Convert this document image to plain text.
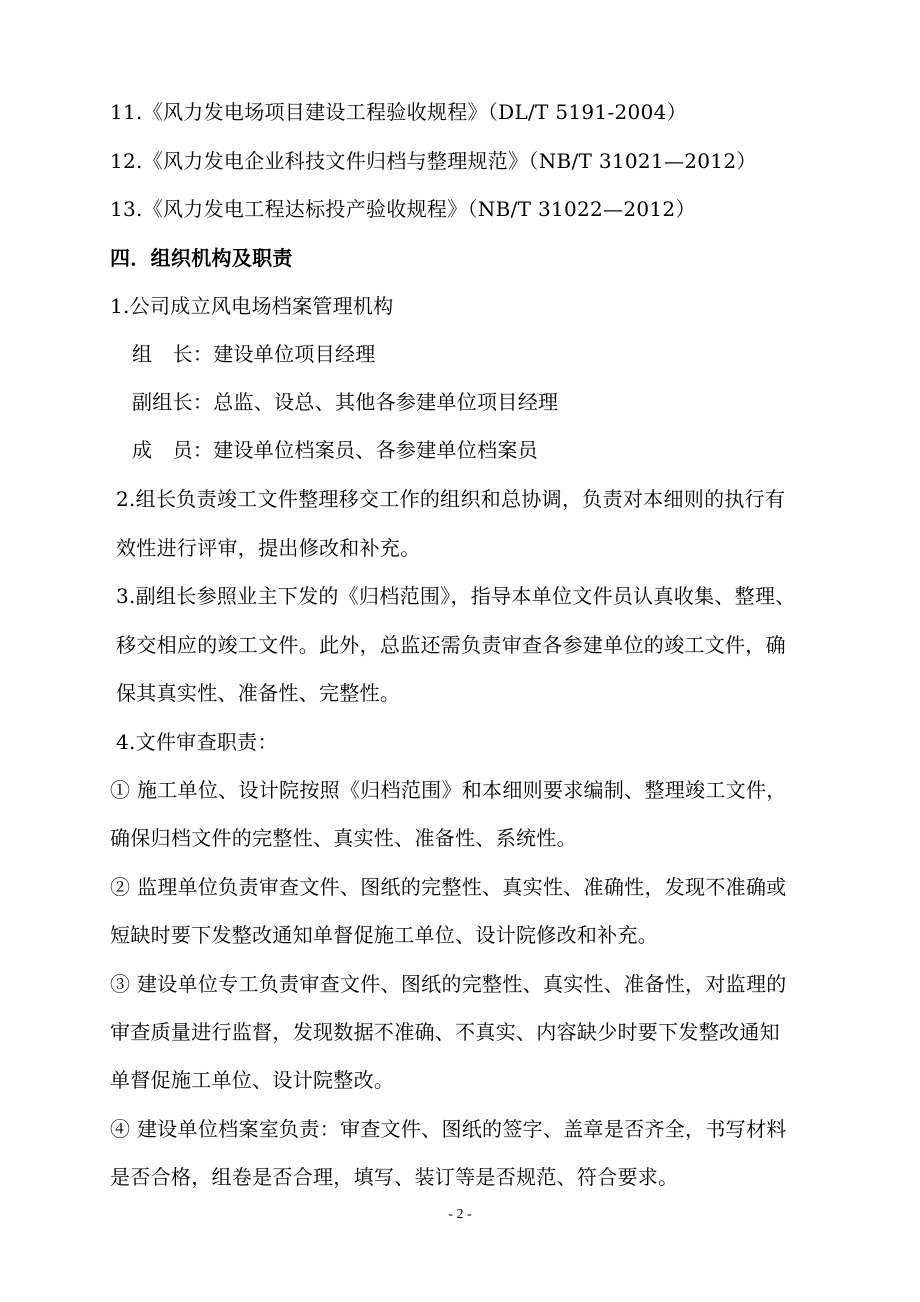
11.《风力发电场项目建设工程验收规程》（DL/T 5191-2004）
12.《风力发电企业科技文件归档与整理规范》（NB/T 31021—2012）
13.《风力发电工程达标投产验收规程》（NB/T 31022—2012）
四．组织机构及职责
1.公司成立风电场档案管理机构
组　长：建设单位项目经理
副组长：总监、设总、其他各参建单位项目经理
成　员：建设单位档案员、各参建单位档案员
2.组长负责竣工文件整理移交工作的组织和总协调，负责对本细则的执行有
效性进行评审，提出修改和补充。
3.副组长参照业主下发的《归档范围》，指导本单位文件员认真收集、整理、
移交相应的竣工文件。此外，总监还需负责审查各参建单位的竣工文件，确
保其真实性、准备性、完整性。
4.文件审查职责：
① 施工单位、设计院按照《归档范围》和本细则要求编制、整理竣工文件，
确保归档文件的完整性、真实性、准备性、系统性。
② 监理单位负责审查文件、图纸的完整性、真实性、准确性，发现不准确或
短缺时要下发整改通知单督促施工单位、设计院修改和补充。
③ 建设单位专工负责审查文件、图纸的完整性、真实性、准备性，对监理的
审查质量进行监督，发现数据不准确、不真实、内容缺少时要下发整改通知
单督促施工单位、设计院整改。
④ 建设单位档案室负责：审查文件、图纸的签字、盖章是否齐全，书写材料
是否合格，组卷是否合理，填写、装订等是否规范、符合要求。
- 2 -
